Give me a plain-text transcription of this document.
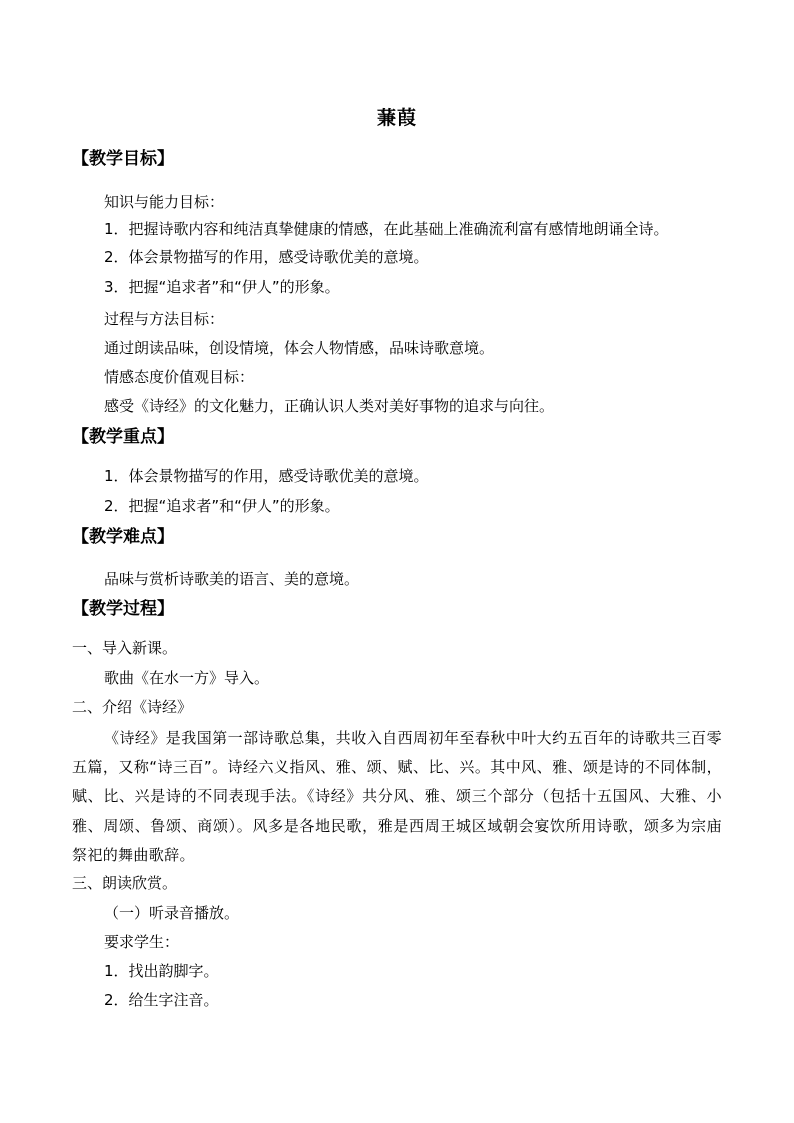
蒹葭
【教学目标】
知识与能力目标：
1．把握诗歌内容和纯洁真挚健康的情感，在此基础上准确流利富有感情地朗诵全诗。
2．体会景物描写的作用，感受诗歌优美的意境。
3．把握“追求者”和“伊人”的形象。
过程与方法目标：
通过朗读品味，创设情境，体会人物情感，品味诗歌意境。
情感态度价值观目标：
感受《诗经》的文化魅力，正确认识人类对美好事物的追求与向往。
【教学重点】
1．体会景物描写的作用，感受诗歌优美的意境。
2．把握“追求者”和“伊人”的形象。
【教学难点】
品味与赏析诗歌美的语言、美的意境。
【教学过程】
一、导入新课。
歌曲《在水一方》导入。
二、介绍《诗经》
《诗经》是我国第一部诗歌总集，共收入自西周初年至春秋中叶大约五百年的诗歌共三百零五篇，又称“诗三百”。诗经六义指风、雅、颂、赋、比、兴。其中风、雅、颂是诗的不同体制，赋、比、兴是诗的不同表现手法。《诗经》共分风、雅、颂三个部分（包括十五国风、大雅、小雅、周颂、鲁颂、商颂）。风多是各地民歌，雅是西周王城区域朝会宴饮所用诗歌，颂多为宗庙祭祀的舞曲歌辞。
三、朗读欣赏。
（一）听录音播放。
要求学生：
1．找出韵脚字。
2．给生字注音。
